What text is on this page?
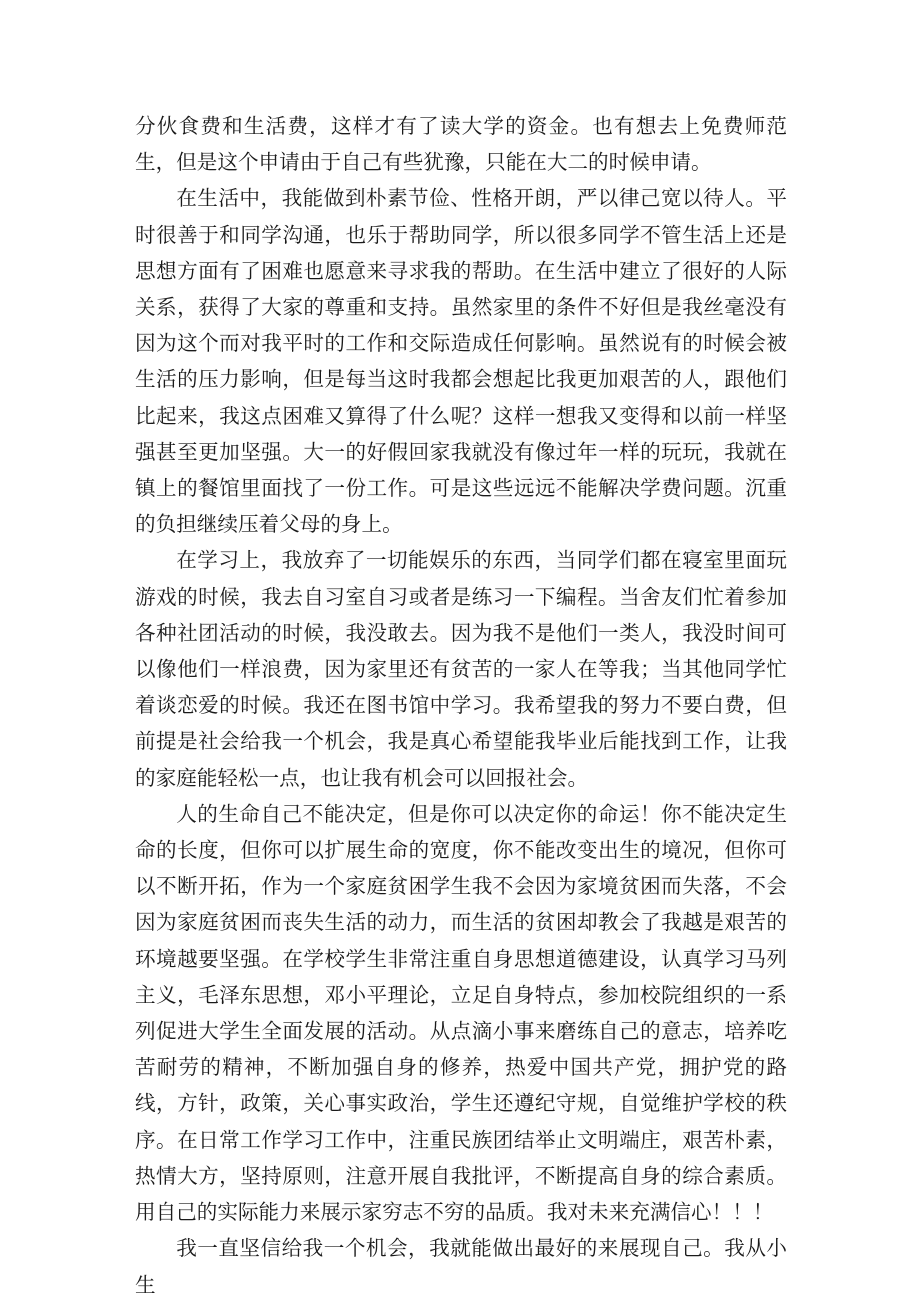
分伙食费和生活费，这样才有了读大学的资金。也有想去上免费师范生，但是这个申请由于自己有些犹豫，只能在大二的时候申请。

在生活中，我能做到朴素节俭、性格开朗，严以律己宽以待人。平时很善于和同学沟通，也乐于帮助同学，所以很多同学不管生活上还是思想方面有了困难也愿意来寻求我的帮助。在生活中建立了很好的人际关系，获得了大家的尊重和支持。虽然家里的条件不好但是我丝毫没有因为这个而对我平时的工作和交际造成任何影响。虽然说有的时候会被生活的压力影响，但是每当这时我都会想起比我更加艰苦的人，跟他们比起来，我这点困难又算得了什么呢？这样一想我又变得和以前一样坚强甚至更加坚强。大一的好假回家我就没有像过年一样的玩玩，我就在镇上的餐馆里面找了一份工作。可是这些远远不能解决学费问题。沉重的负担继续压着父母的身上。

在学习上，我放弃了一切能娱乐的东西，当同学们都在寝室里面玩游戏的时候，我去自习室自习或者是练习一下编程。当舍友们忙着参加各种社团活动的时候，我没敢去。因为我不是他们一类人，我没时间可以像他们一样浪费，因为家里还有贫苦的一家人在等我；当其他同学忙着谈恋爱的时候。我还在图书馆中学习。我希望我的努力不要白费，但前提是社会给我一个机会，我是真心希望能我毕业后能找到工作，让我的家庭能轻松一点，也让我有机会可以回报社会。

人的生命自己不能决定，但是你可以决定你的命运！你不能决定生命的长度，但你可以扩展生命的宽度，你不能改变出生的境况，但你可以不断开拓，作为一个家庭贫困学生我不会因为家境贫困而失落，不会因为家庭贫困而丧失生活的动力，而生活的贫困却教会了我越是艰苦的环境越要坚强。在学校学生非常注重自身思想道德建设，认真学习马列主义，毛泽东思想，邓小平理论，立足自身特点，参加校院组织的一系列促进大学生全面发展的活动。从点滴小事来磨练自己的意志，培养吃苦耐劳的精神，不断加强自身的修养，热爱中国共产党，拥护党的路线，方针，政策，关心事实政治，学生还遵纪守规，自觉维护学校的秩序。在日常工作学习工作中，注重民族团结举止文明端庄，艰苦朴素，热情大方，坚持原则，注意开展自我批评，不断提高自身的综合素质。用自己的实际能力来展示家穷志不穷的品质。我对未来充满信心！！！

我一直坚信给我一个机会，我就能做出最好的来展现自己。我从小生
